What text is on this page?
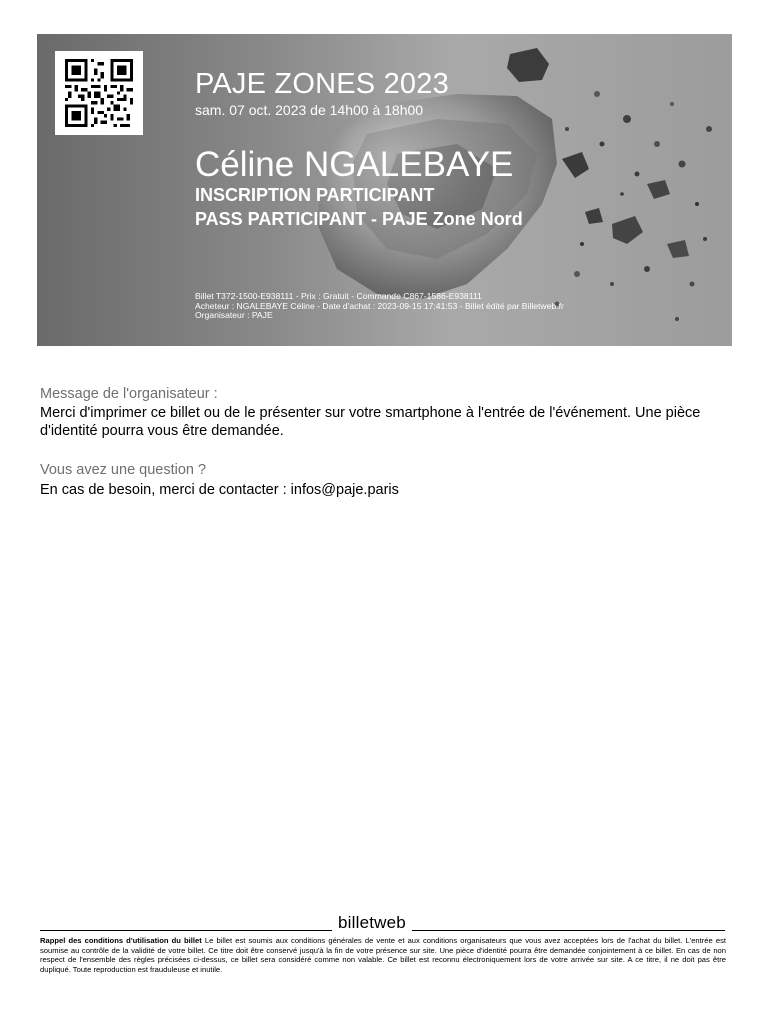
PAJE ZONES 2023
sam. 07 oct. 2023 de 14h00 à 18h00
Céline NGALEBAYE
INSCRIPTION PARTICIPANT
PASS PARTICIPANT - PAJE Zone Nord
Billet T372-1500-E938111 - Prix : Gratuit - Commande C867-1586-E938111
Acheteur : NGALEBAYE Céline - Date d'achat : 2023-09-15 17:41:53 - Billet édité par Billetweb.fr
Organisateur : PAJE
Message de l'organisateur :
Merci d'imprimer ce billet ou de le présenter sur votre smartphone à l'entrée de l'événement. Une pièce d'identité pourra vous être demandée.
Vous avez une question ?
En cas de besoin, merci de contacter : infos@paje.paris
billetweb
Rappel des conditions d'utilisation du billet Le billet est soumis aux conditions générales de vente et aux conditions organisateurs que vous avez acceptées lors de l'achat du billet. L'entrée est soumise au contrôle de la validité de votre billet. Ce titre doit être conservé jusqu'à la fin de votre présence sur site. Une pièce d'identité pourra être demandée conjointement à ce billet. En cas de non respect de l'ensemble des règles précisées ci-dessus, ce billet sera considéré comme non valable. Ce billet est reconnu électroniquement lors de votre arrivée sur site. A ce titre, il ne doit pas être dupliqué. Toute reproduction est frauduleuse et inutile.
